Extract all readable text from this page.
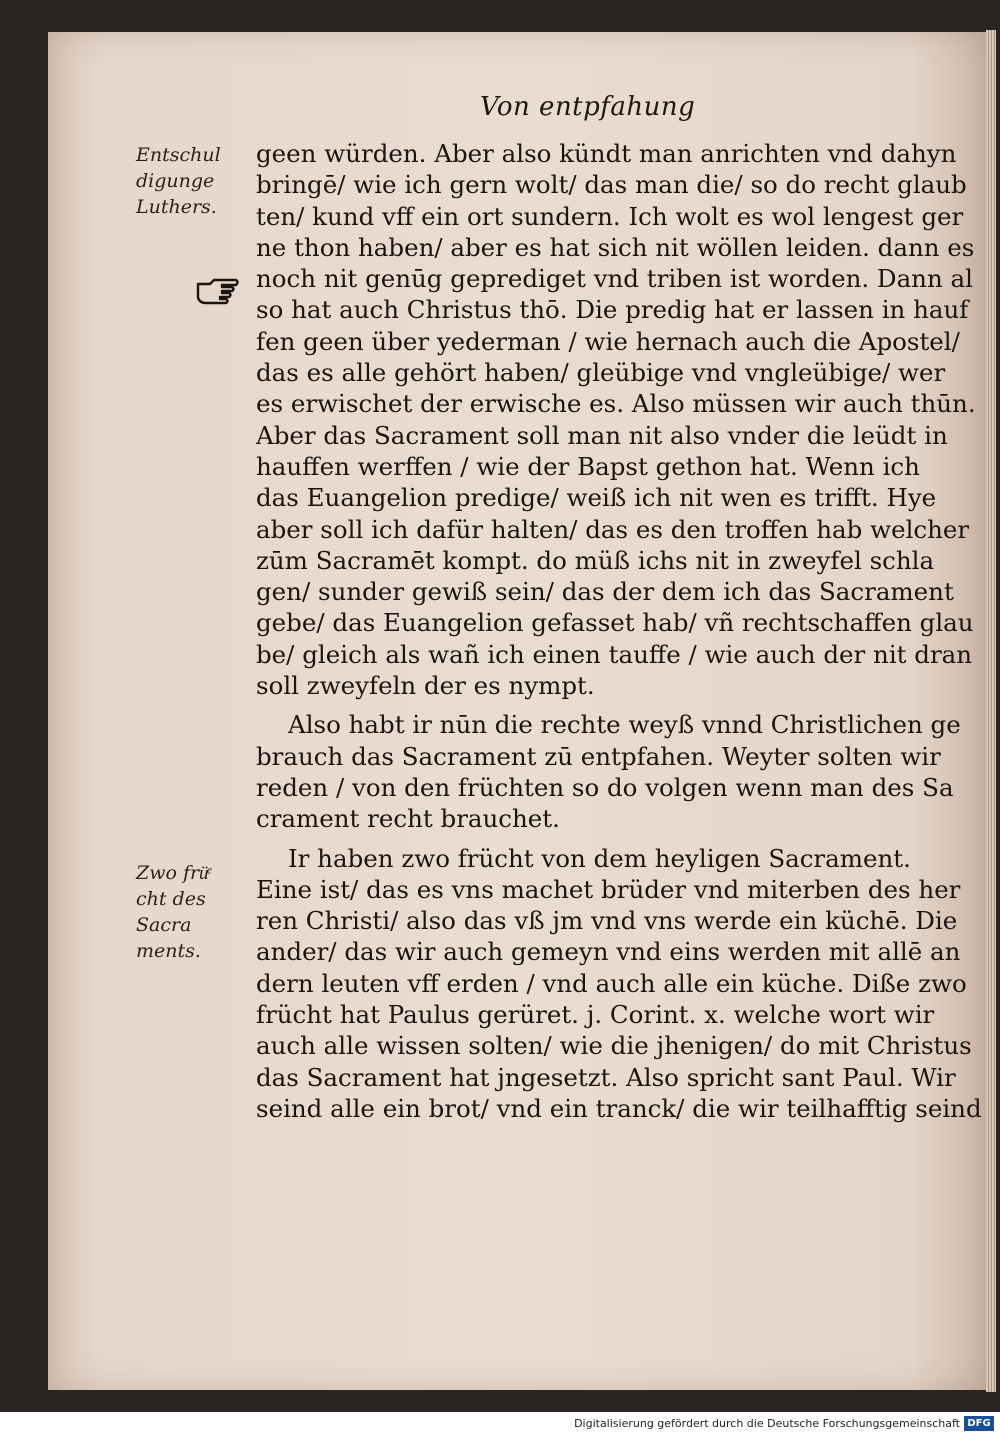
Von entpfahung
Entschul
digunge
Luthers.
Zwo früͤ
cht des
Sacra
ments.
geen würden. Aber also kündt man anrichten vnd dahyn
bringē/ wie ich gern wolt/ das man die/ so do recht glaub
ten/ kund vff ein ort sundern. Ich wolt es wol lengest ger
ne thon haben/ aber es hat sich nit wöllen leiden. dann es
noch nit genūg geprediget vnd triben ist worden. Dann al
so hat auch Christus thō. Die predig hat er lassen in hauf
fen geen über yederman / wie hernach auch die Apostel/
das es alle gehört haben/ gleübige vnd vngleübige/ wer
es erwischet der erwische es. Also müssen wir auch thūn.
Aber das Sacrament soll man nit also vnder die leüdt in
hauffen werffen / wie der Bapst gethon hat. Wenn ich
das Euangelion predige/ weiß ich nit wen es trifft. Hye
aber soll ich dafür halten/ das es den troffen hab welcher
zūm Sacramēt kompt. do müß ichs nit in zweyfel schla
gen/ sunder gewiß sein/ das der dem ich das Sacrament
gebe/ das Euangelion gefasset hab/ vñ rechtschaffen glau
be/ gleich als wañ ich einen tauffe / wie auch der nit dran
soll zweyfeln der es nympt.
Also habt ir nūn die rechte weyß vnnd Christlichen ge
brauch das Sacrament zū entpfahen. Weyter solten wir
reden / von den früchten so do volgen wenn man des Sa
crament recht brauchet.
Ir haben zwo frücht von dem heyligen Sacrament.
Eine ist/ das es vns machet brüder vnd miterben des her
ren Christi/ also das vß jm vnd vns werde ein küchē. Die
ander/ das wir auch gemeyn vnd eins werden mit allē an
dern leuten vff erden / vnd auch alle ein küche. Diße zwo
frücht hat Paulus gerüret. j. Corint. x. welche wort wir
auch alle wissen solten/ wie die jhenigen/ do mit Christus
das Sacrament hat jngesetzt. Also spricht sant Paul. Wir
seind alle ein brot/ vnd ein tranck/ die wir teilhafftig seind
Digitalisierung gefördert durch die Deutsche Forschungsgemeinschaft DFG
